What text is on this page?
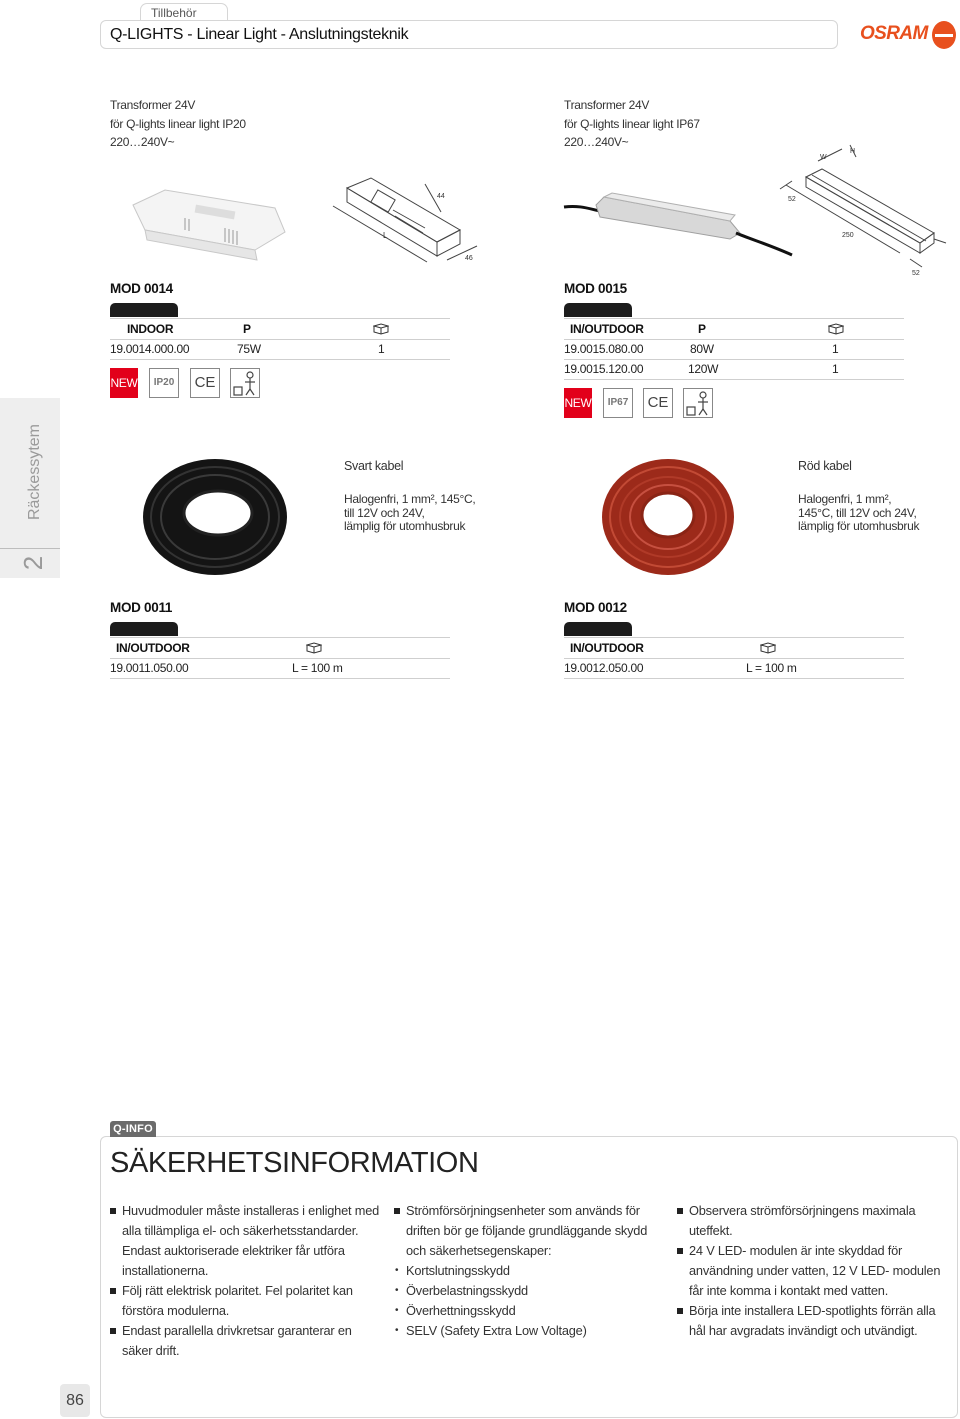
Tillbehör
Q-LIGHTS - Linear Light - Anslutningsteknik	OSRAM
2
Räckessytem
Transformer 24V
för Q-lights linear light IP20
220…240V~
L
46
44
MOD 0014
INDOOR	P
19.0014.000.00	75W	1
NEW	IP20	CE
Transformer 24V
för Q-lights linear light IP67
220…240V~
52
250
52
W
H
MOD 0015
IN/OUTDOOR	P
19.0015.080.00	80W	1
19.0015.120.00	120W	1
NEW	IP67	CE
Svart kabel
Halogenfri, 1 mm², 145°C,
till 12V och 24V,
lämplig för utomhusbruk
MOD 0011
IN/OUTDOOR
19.0011.050.00	L = 100 m
Röd kabel
Halogenfri, 1 mm²,
145°C, till 12V och 24V,
lämplig för utomhusbruk
MOD 0012
IN/OUTDOOR
19.0012.050.00	L = 100 m
Q-INFO
SÄKERHETSINFORMATION
Huvudmoduler måste installeras i enlighet med alla tillämpliga el- och säkerhetsstandarder. Endast auktoriserade elektriker får utföra installationerna.
Följ rätt elektrisk polaritet. Fel polaritet kan förstöra modulerna.
Endast parallella drivkretsar garanterar en säker drift.
Strömförsörjningsenheter som används för driften bör ge följande grundläggande skydd och säkerhetsegenskaper:
• Kortslutningsskydd
• Överbelastningsskydd
• Överhettningsskydd
• SELV (Safety Extra Low Voltage)
Observera strömförsörjningens maximala uteffekt.
24 V LED- modulen är inte skyddad för användning under vatten, 12 V LED- modulen får inte komma i kontakt med vatten.
Börja inte installera LED-spotlights förrän alla hål har avgradats invändigt och utvändigt.
86
